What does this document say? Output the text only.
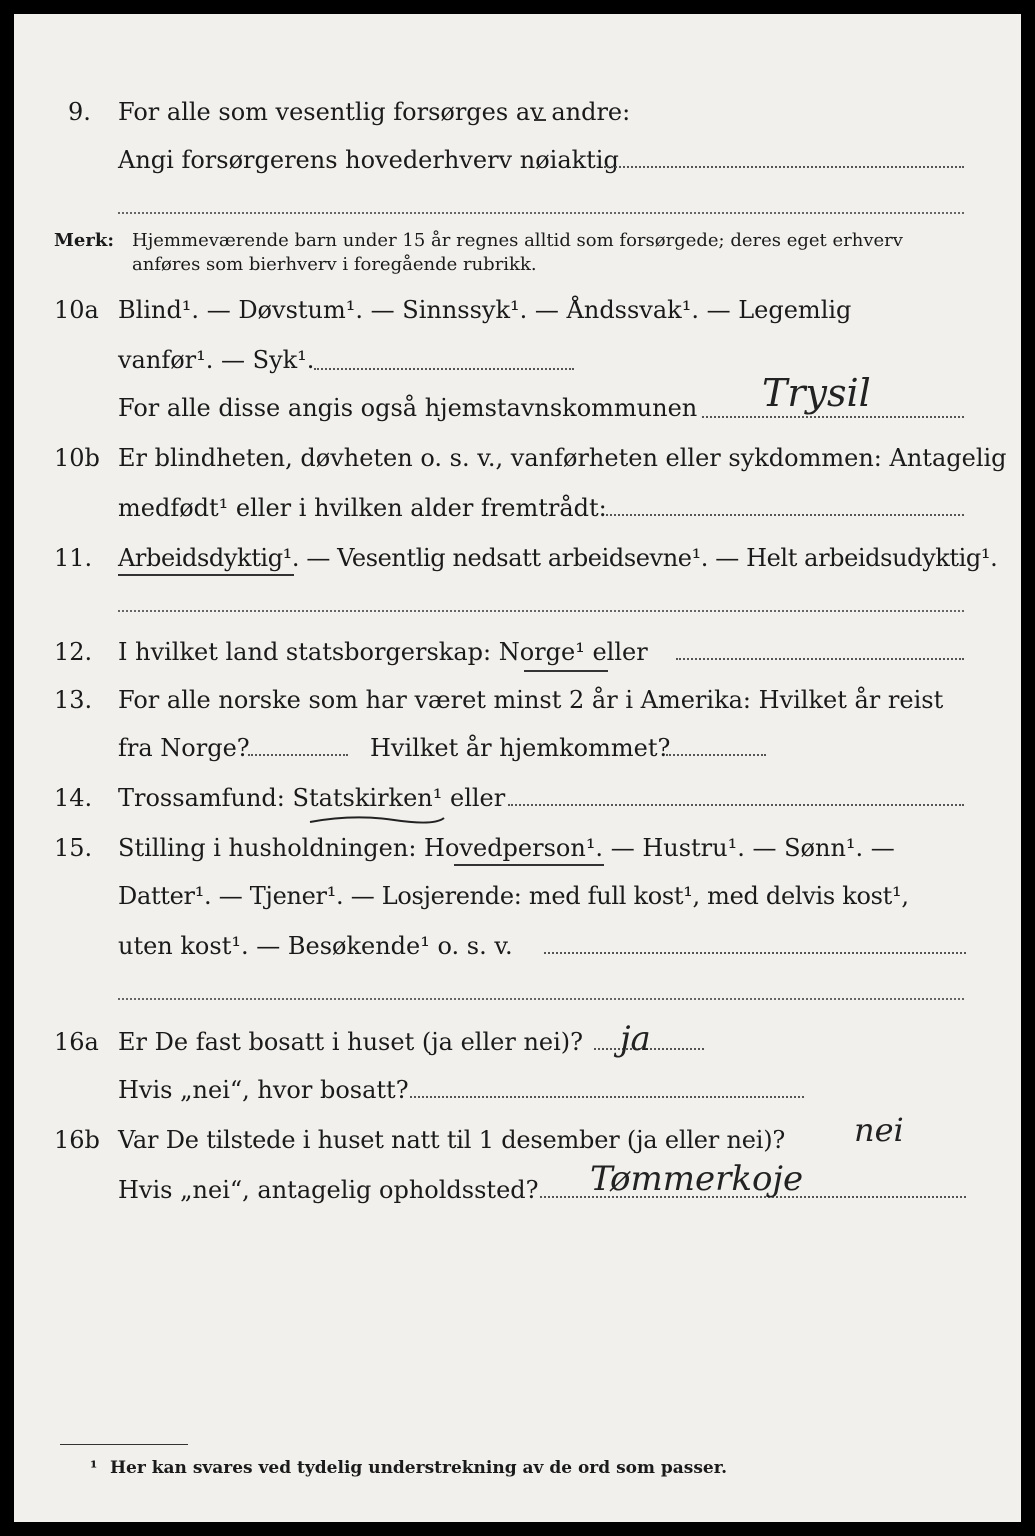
9. For alle som vesentlig forsørges av andre:
Angi forsørgerens hovederhverv nøiaktig
Merk: Hjemmeværende barn under 15 år regnes alltid som forsørgede; deres eget erhverv
anføres som bierhverv i foregående rubrikk.
10a Blind¹. — Døvstum¹. — Sinnssyk¹. — Åndssvak¹. — Legemlig
vanfør¹. — Syk¹.
For alle disse angis også hjemstavnskommunen Trysil
10b Er blindheten, døvheten o. s. v., vanførheten eller sykdommen: Antagelig
medfødt¹ eller i hvilken alder fremtrådt:
11. Arbeidsdyktig¹. — Vesentlig nedsatt arbeidsevne¹. — Helt arbeidsudyktig¹.
12. I hvilket land statsborgerskap: Norge¹ eller
13. For alle norske som har været minst 2 år i Amerika: Hvilket år reist
fra Norge?	Hvilket år hjemkommet?
14. Trossamfund: Statskirken¹ eller
15. Stilling i husholdningen: Hovedperson¹. — Hustru¹. — Sønn¹. —
Datter¹. — Tjener¹. — Losjerende: med full kost¹, med delvis kost¹,
uten kost¹. — Besøkende¹ o. s. v.
16a Er De fast bosatt i huset (ja eller nei)? ja
Hvis „nei“, hvor bosatt?
16b Var De tilstede i huset natt til 1 desember (ja eller nei)? nei
Hvis „nei“, antagelig opholdssted? Tømmerkoje
¹ Her kan svares ved tydelig understrekning av de ord som passer.
